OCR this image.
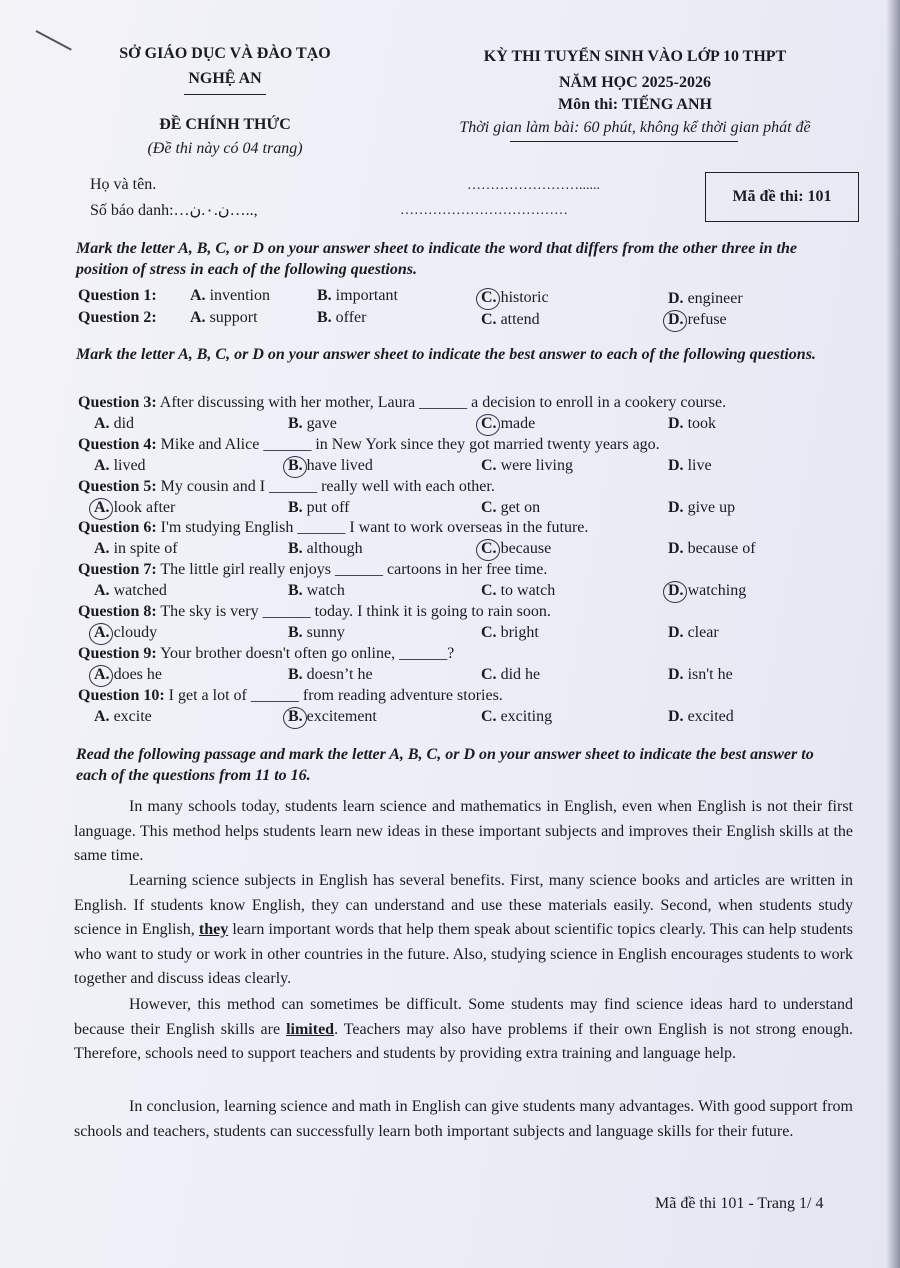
SỞ GIÁO DỤC VÀ ĐÀO TẠO
NGHỆ AN
ĐỀ CHÍNH THỨC
(Đề thi này có 04 trang)
KỲ THI TUYỂN SINH VÀO LỚP 10 THPT
NĂM HỌC 2025-2026
Môn thi: TIẾNG ANH
Thời gian làm bài: 60 phút, không kể thời gian phát đề
Họ và tên.	……………………......
Số báo danh:…ن.۰.ن…..,	………………………………
Mã đề thi: 101
Mark the letter A, B, C, or D on your answer sheet to indicate the word that differs from the other three in the position of stress in each of the following questions.
Question 1: A. invention	B. important	C. historic	D. engineer
Question 2: A. support	B. offer	C. attend	D. refuse
Mark the letter A, B, C, or D on your answer sheet to indicate the best answer to each of the following questions.
Read the following passage and mark the letter A, B, C, or D on your answer sheet to indicate the best answer to each of the questions from 11 to 16.
In many schools today, students learn science and mathematics in English, even when English is not their first language. This method helps students learn new ideas in these important subjects and improves their English skills at the same time.
Learning science subjects in English has several benefits. First, many science books and articles are written in English. If students know English, they can understand and use these materials easily. Second, when students study science in English, they learn important words that help them speak about scientific topics clearly. This can help students who want to study or work in other countries in the future. Also, studying science in English encourages students to work together and discuss ideas clearly.
However, this method can sometimes be difficult. Some students may find science ideas hard to understand because their English skills are limited. Teachers may also have problems if their own English is not strong enough. Therefore, schools need to support teachers and students by providing extra training and language help.
In conclusion, learning science and math in English can give students many advantages. With good support from schools and teachers, students can successfully learn both important subjects and language skills for their future.
Mã đề thi 101 - Trang 1/ 4
Question 3: After discussing with her mother, Laura ______ a decision to enroll in a cookery course.
A. did	B. gave	C. made	D. took
Question 4: Mike and Alice ______ in New York since they got married twenty years ago.
A. lived	B. have lived	C. were living	D. live
Question 5: My cousin and I ______ really well with each other.
A. look after	B. put off	C. get on	D. give up
Question 6: I'm studying English ______ I want to work overseas in the future.
A. in spite of	B. although	C. because	D. because of
Question 7: The little girl really enjoys ______ cartoons in her free time.
A. watched	B. watch	C. to watch	D. watching
Question 8: The sky is very ______ today. I think it is going to rain soon.
A. cloudy	B. sunny	C. bright	D. clear
Question 9: Your brother doesn't often go online, ______?
A. does he	B. doesn’t he	C. did he	D. isn't he
Question 10: I get a lot of ______ from reading adventure stories.
A. excite	B. excitement	C. exciting	D. excited
